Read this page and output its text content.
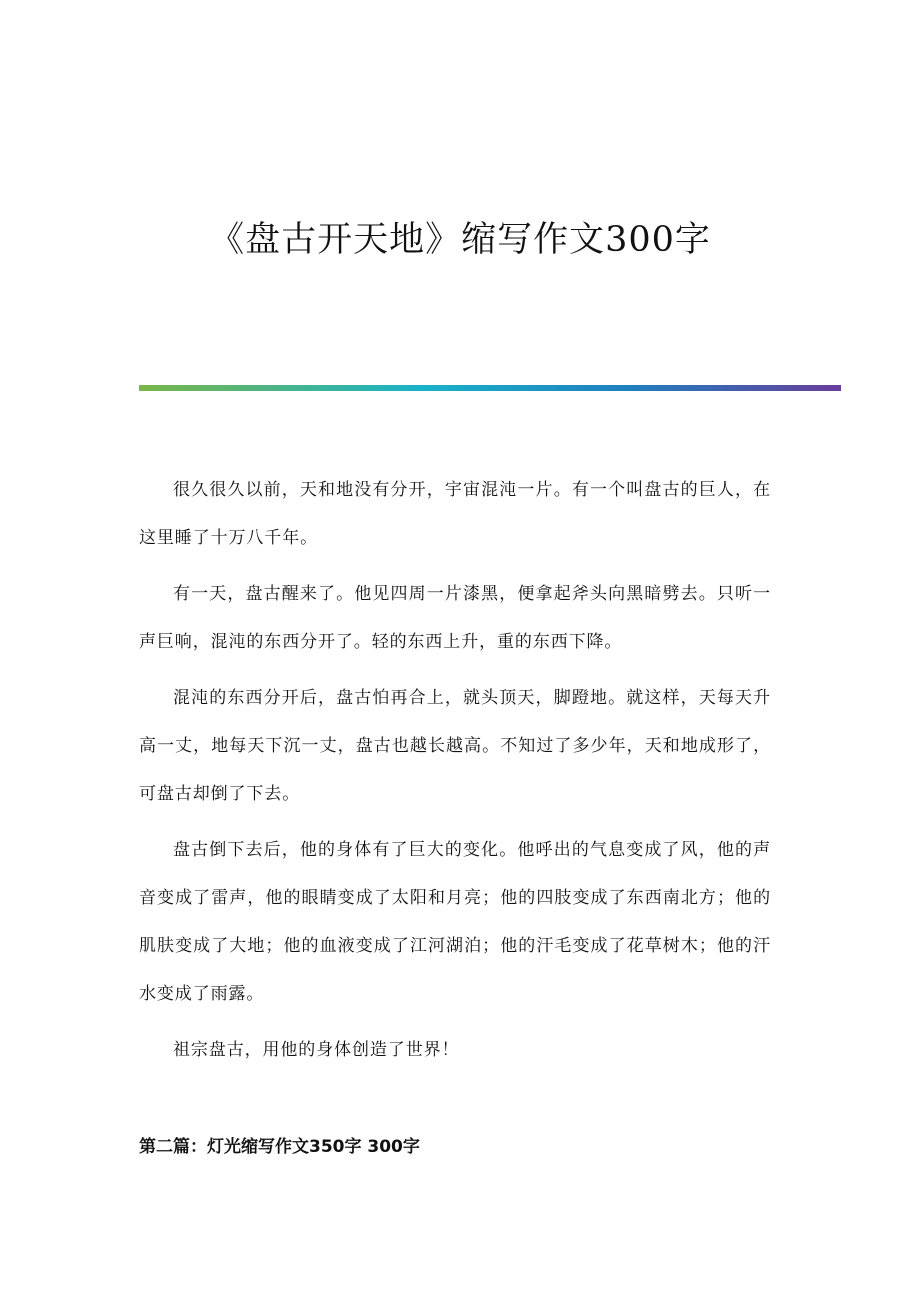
《盘古开天地》缩写作文300字

很久很久以前，天和地没有分开，宇宙混沌一片。有一个叫盘古的巨人，在这里睡了十万八千年。

有一天，盘古醒来了。他见四周一片漆黑，便拿起斧头向黑暗劈去。只听一声巨响，混沌的东西分开了。轻的东西上升，重的东西下降。

混沌的东西分开后，盘古怕再合上，就头顶天，脚蹬地。就这样，天每天升高一丈，地每天下沉一丈，盘古也越长越高。不知过了多少年，天和地成形了，可盘古却倒了下去。

盘古倒下去后，他的身体有了巨大的变化。他呼出的气息变成了风，他的声音变成了雷声，他的眼睛变成了太阳和月亮；他的四肢变成了东西南北方；他的肌肤变成了大地；他的血液变成了江河湖泊；他的汗毛变成了花草树木；他的汗水变成了雨露。

祖宗盘古，用他的身体创造了世界！

第二篇：灯光缩写作文350字 300字
